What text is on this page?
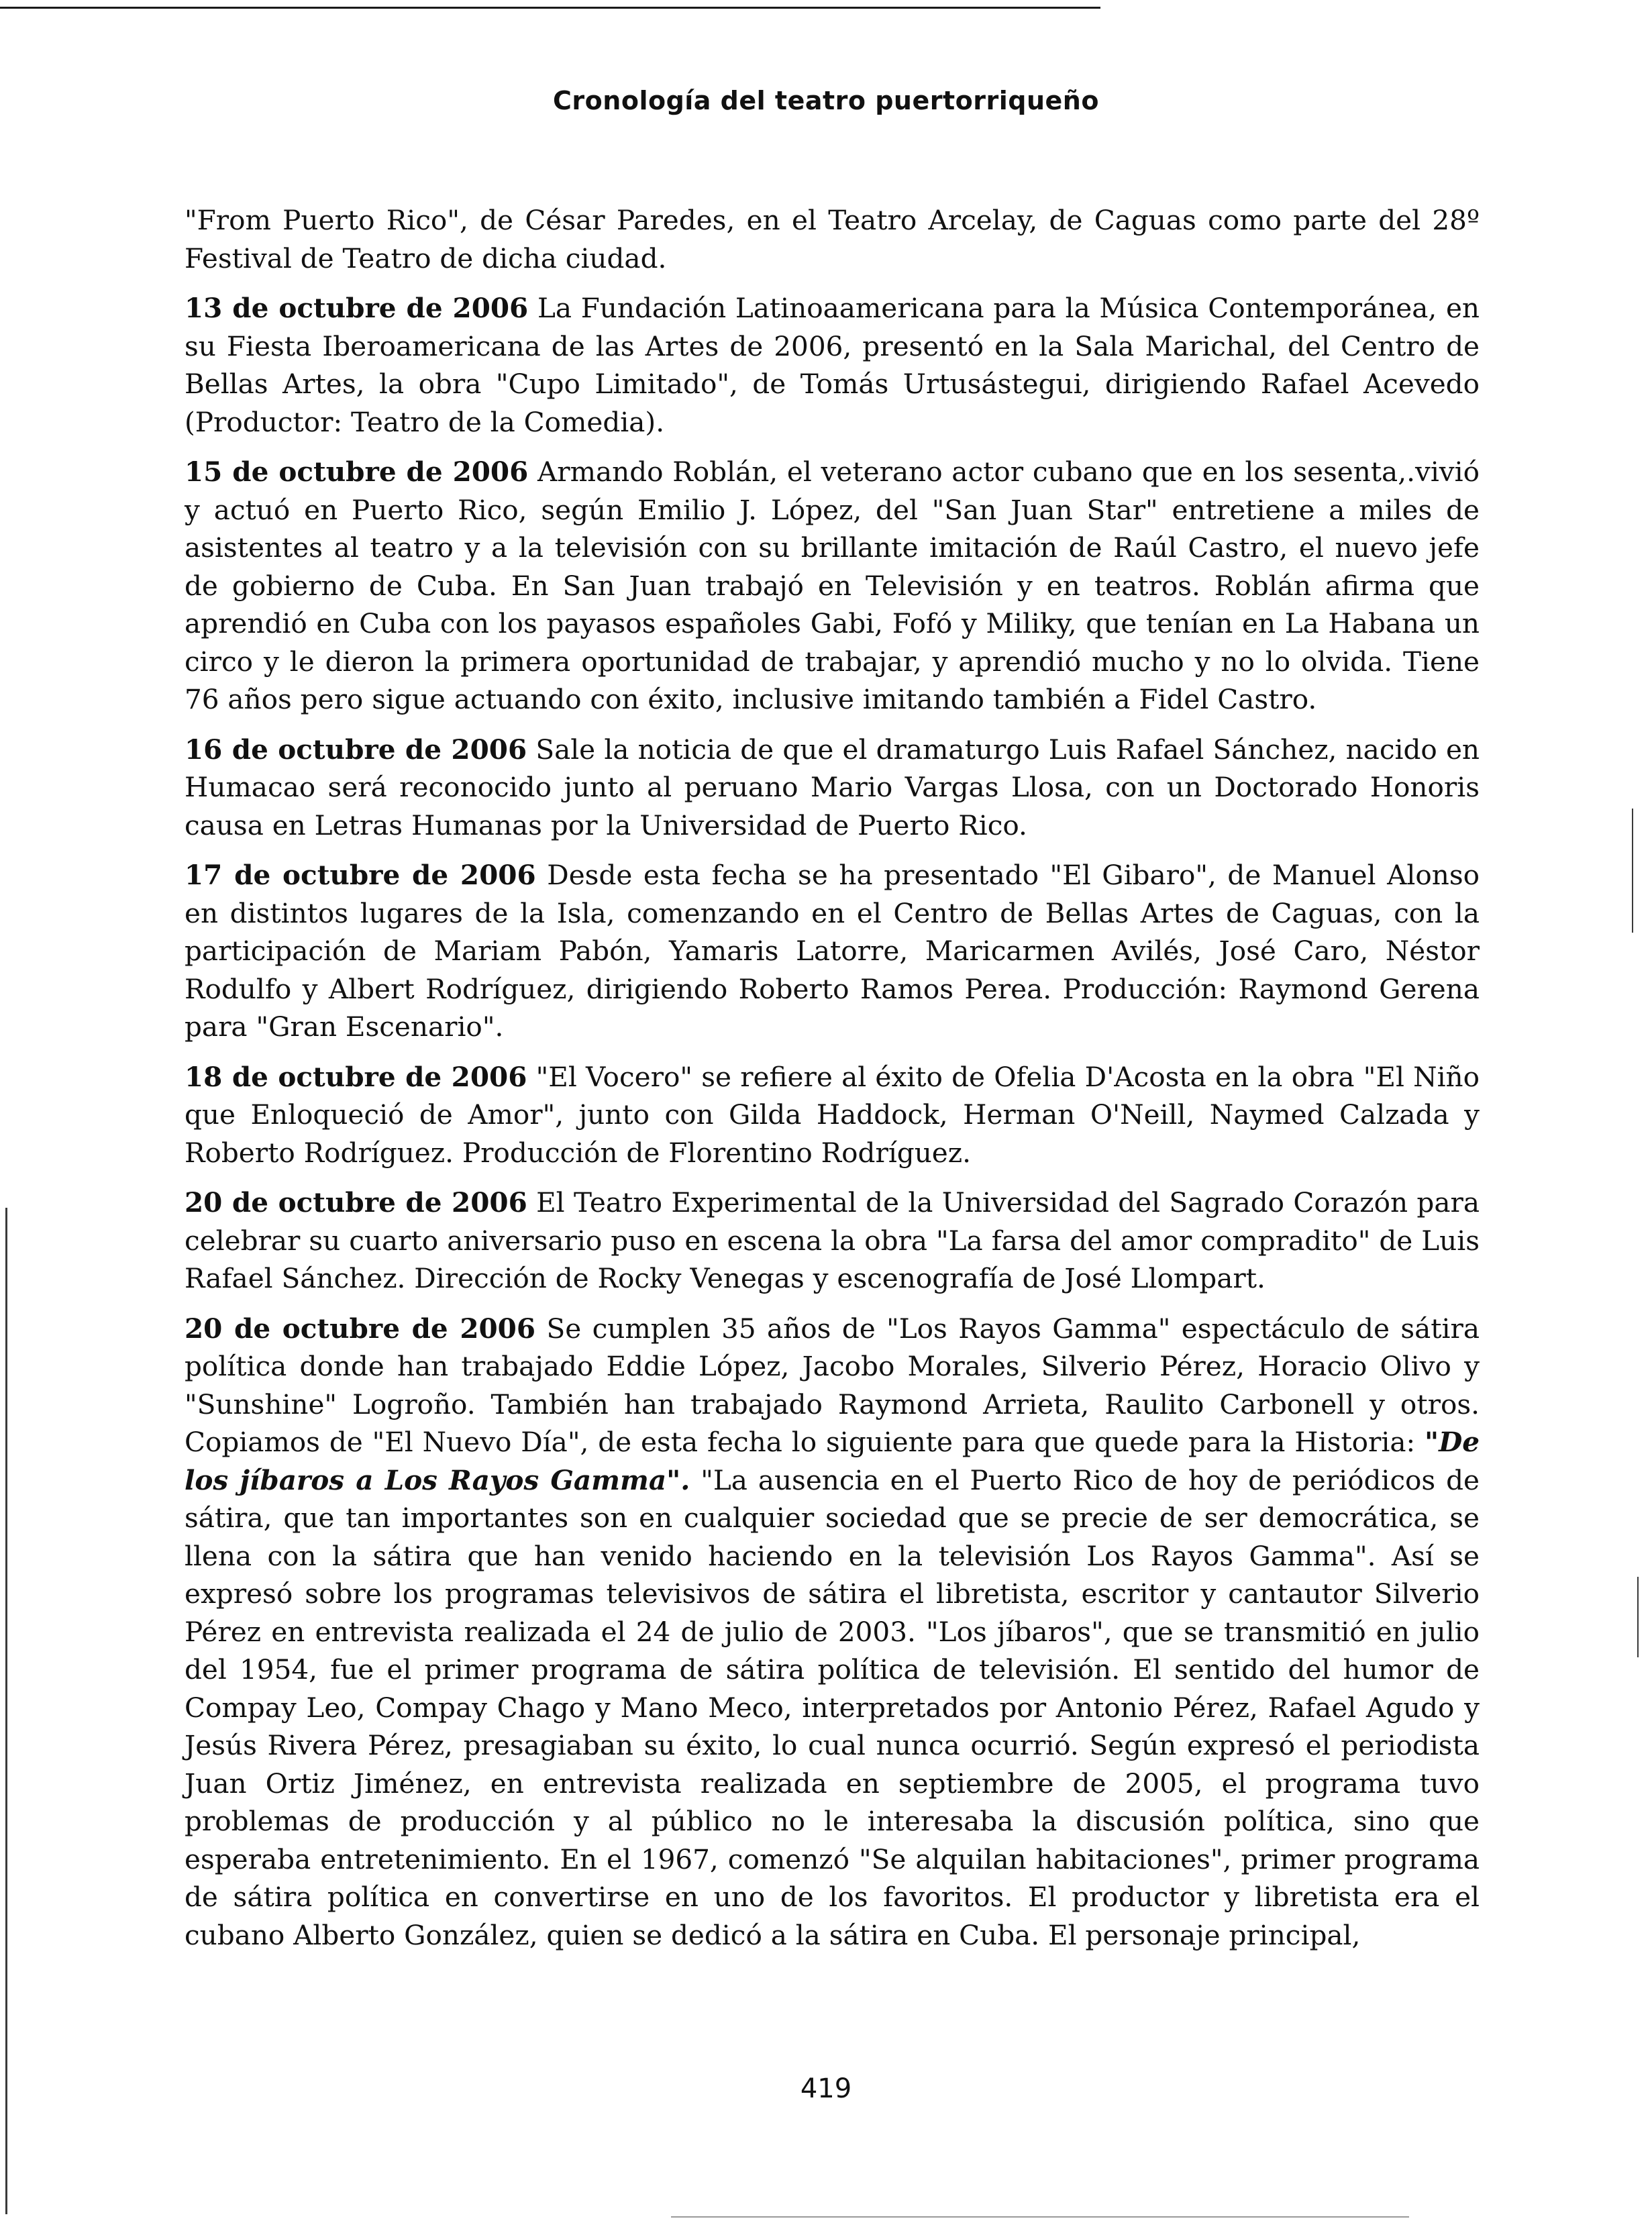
Cronología del teatro puertorriqueño

"From Puerto Rico", de César Paredes, en el Teatro Arcelay, de Caguas como parte del 28º Festival de Teatro de dicha ciudad.

13 de octubre de 2006 La Fundación Latinoaamericana para la Música Contemporánea, en su Fiesta Iberoamericana de las Artes de 2006, presentó en la Sala Marichal, del Centro de Bellas Artes, la obra "Cupo Limitado", de Tomás Urtusástegui, dirigiendo Rafael Acevedo (Productor: Teatro de la Comedia).

15 de octubre de 2006 Armando Roblán, el veterano actor cubano que en los sesenta,.vivió y actuó en Puerto Rico, según Emilio J. López, del "San Juan Star" entretiene a miles de asistentes al teatro y a la televisión con su brillante imitación de Raúl Castro, el nuevo jefe de gobierno de Cuba. En San Juan trabajó en Televisión y en teatros. Roblán afirma que aprendió en Cuba con los payasos españoles Gabi, Fofó y Miliky, que tenían en La Habana un circo y le dieron la primera oportunidad de trabajar, y aprendió mucho y no lo olvida. Tiene 76 años pero sigue actuando con éxito, inclusive imitando también a Fidel Castro.

16 de octubre de 2006 Sale la noticia de que el dramaturgo Luis Rafael Sánchez, nacido en Humacao será reconocido junto al peruano Mario Vargas Llosa, con un Doctorado Honoris causa en Letras Humanas por la Universidad de Puerto Rico.

17 de octubre de 2006 Desde esta fecha se ha presentado "El Gibaro", de Manuel Alonso en distintos lugares de la Isla, comenzando en el Centro de Bellas Artes de Caguas, con la participación de Mariam Pabón, Yamaris Latorre, Maricarmen Avilés, José Caro, Néstor Rodulfo y Albert Rodríguez, dirigiendo Roberto Ramos Perea. Producción: Raymond Gerena para "Gran Escenario".

18 de octubre de 2006 "El Vocero" se refiere al éxito de Ofelia D'Acosta en la obra "El Niño que Enloqueció de Amor", junto con Gilda Haddock, Herman O'Neill, Naymed Calzada y Roberto Rodríguez. Producción de Florentino Rodríguez.

20 de octubre de 2006 El Teatro Experimental de la Universidad del Sagrado Corazón para celebrar su cuarto aniversario puso en escena la obra "La farsa del amor compradito" de Luis Rafael Sánchez. Dirección de Rocky Venegas y escenografía de José Llompart.

20 de octubre de 2006 Se cumplen 35 años de "Los Rayos Gamma" espectáculo de sátira política donde han trabajado Eddie López, Jacobo Morales, Silverio Pérez, Horacio Olivo y "Sunshine" Logroño. También han trabajado Raymond Arrieta, Raulito Carbonell y otros. Copiamos de "El Nuevo Día", de esta fecha lo siguiente para que quede para la Historia: "De los jíbaros a Los Rayos Gamma". "La ausencia en el Puerto Rico de hoy de periódicos de sátira, que tan importantes son en cualquier sociedad que se precie de ser democrática, se llena con la sátira que han venido haciendo en la televisión Los Rayos Gamma". Así se expresó sobre los programas televisivos de sátira el libretista, escritor y cantautor Silverio Pérez en entrevista realizada el 24 de julio de 2003. "Los jíbaros", que se transmitió en julio del 1954, fue el primer programa de sátira política de televisión. El sentido del humor de Compay Leo, Compay Chago y Mano Meco, interpretados por Antonio Pérez, Rafael Agudo y Jesús Rivera Pérez, presagiaban su éxito, lo cual nunca ocurrió. Según expresó el periodista Juan Ortiz Jiménez, en entrevista realizada en septiembre de 2005, el programa tuvo problemas de producción y al público no le interesaba la discusión política, sino que esperaba entretenimiento. En el 1967, comenzó "Se alquilan habitaciones", primer programa de sátira política en convertirse en uno de los favoritos. El productor y libretista era el cubano Alberto González, quien se dedicó a la sátira en Cuba. El personaje principal,

419
